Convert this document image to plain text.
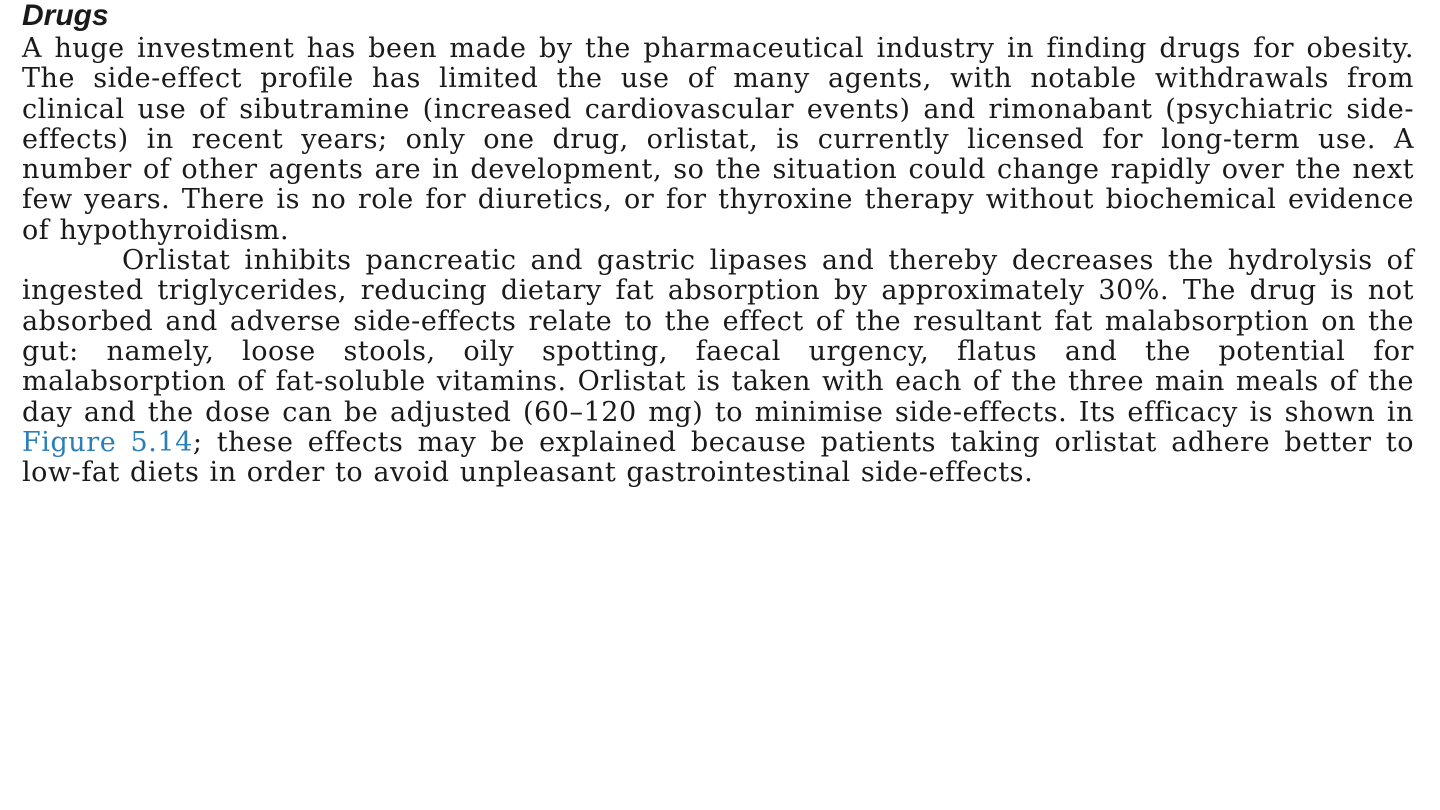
Drugs

A huge investment has been made by the pharmaceutical industry in finding drugs for obesity. The side-effect profile has limited the use of many agents, with notable withdrawals from clinical use of sibutramine (increased cardiovascular events) and rimonabant (psychiatric side-effects) in recent years; only one drug, orlistat, is currently licensed for long-term use. A number of other agents are in development, so the situation could change rapidly over the next few years. There is no role for diuretics, or for thyroxine therapy without biochemical evidence of hypothyroidism.

Orlistat inhibits pancreatic and gastric lipases and thereby decreases the hydrolysis of ingested triglycerides, reducing dietary fat absorption by approximately 30%. The drug is not absorbed and adverse side-effects relate to the effect of the resultant fat malabsorption on the gut: namely, loose stools, oily spotting, faecal urgency, flatus and the potential for malabsorption of fat-soluble vitamins. Orlistat is taken with each of the three main meals of the day and the dose can be adjusted (60–120 mg) to minimise side-effects. Its efficacy is shown in Figure 5.14; these effects may be explained because patients taking orlistat adhere better to low-fat diets in order to avoid unpleasant gastrointestinal side-effects.
